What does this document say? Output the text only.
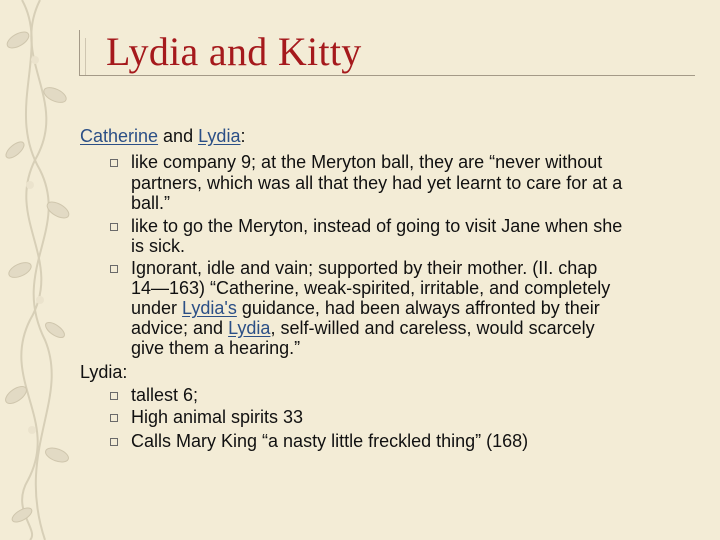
Lydia and Kitty
Catherine and Lydia:
like company 9; at the Meryton ball, they are “never without
partners, which was all that they had yet learnt to care for at a
ball.”
like to go the Meryton, instead of going to visit Jane when she
is sick.
Ignorant, idle and vain; supported by their mother. (II. chap
14—163) “Catherine, weak-spirited, irritable, and completely
under Lydia's guidance, had been always affronted by their
advice; and Lydia, self-willed and careless, would scarcely
give them a hearing.”
Lydia:
tallest 6;
High animal spirits 33
Calls Mary King “a nasty little freckled thing” (168)
